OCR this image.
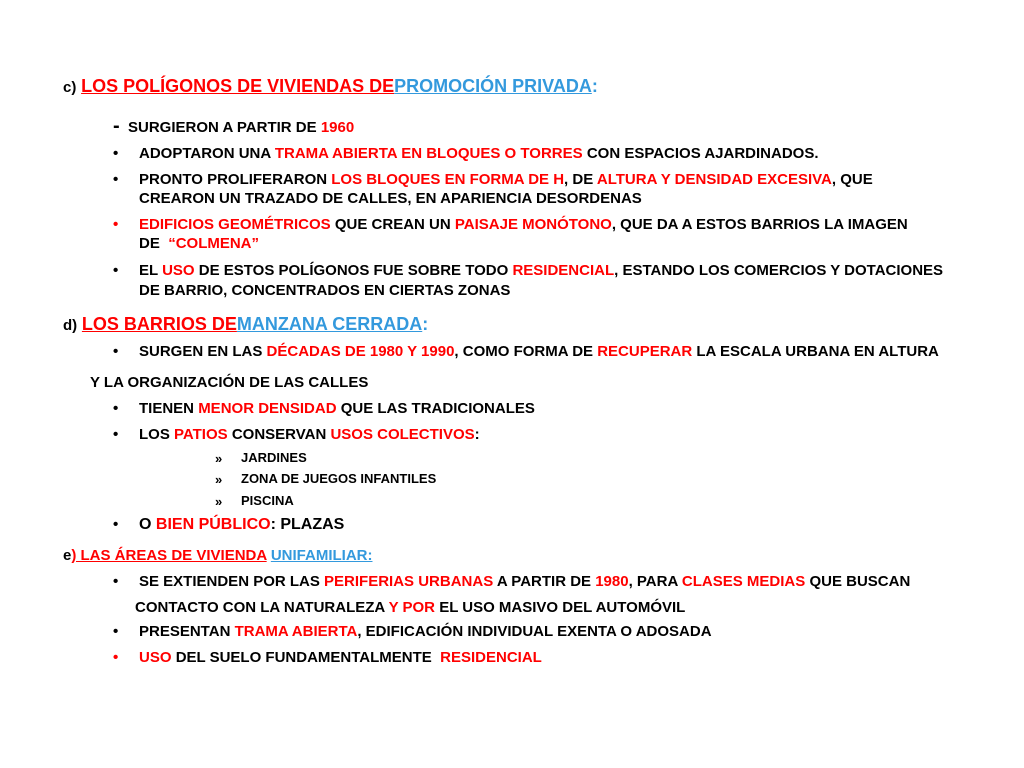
c) LOS POLÍGONOS DE VIVIENDAS DEPROMOCIÓN PRIVADA:
- SURGIERON A PARTIR DE 1960
• ADOPTARON UNA TRAMA ABIERTA EN BLOQUES O TORRES CON ESPACIOS AJARDINADOS.
• PRONTO PROLIFERARON LOS BLOQUES EN FORMA DE H, DE ALTURA Y DENSIDAD EXCESIVA, QUE
CREARON UN TRAZADO DE CALLES, EN APARIENCIA DESORDENAS
• EDIFICIOS GEOMÉTRICOS QUE CREAN UN PAISAJE MONÓTONO, QUE DA A ESTOS BARRIOS LA IMAGEN
DE “COLMENA”
• EL USO DE ESTOS POLÍGONOS FUE SOBRE TODO RESIDENCIAL, ESTANDO LOS COMERCIOS Y DOTACIONES
DE BARRIO, CONCENTRADOS EN CIERTAS ZONAS
d) LOS BARRIOS DEMANZANA CERRADA:
• SURGEN EN LAS DÉCADAS DE 1980 Y 1990, COMO FORMA DE RECUPERAR LA ESCALA URBANA EN ALTURA
Y LA ORGANIZACIÓN DE LAS CALLES
• TIENEN MENOR DENSIDAD QUE LAS TRADICIONALES
• LOS PATIOS CONSERVAN USOS COLECTIVOS:
» JARDINES
» ZONA DE JUEGOS INFANTILES
» PISCINA
• O BIEN PÚBLICO: PLAZAS
e) LAS ÁREAS DE VIVIENDA UNIFAMILIAR:
• SE EXTIENDEN POR LAS PERIFERIAS URBANAS A PARTIR DE 1980, PARA CLASES MEDIAS QUE BUSCAN
CONTACTO CON LA NATURALEZA Y POR EL USO MASIVO DEL AUTOMÓVIL
• PRESENTAN TRAMA ABIERTA, EDIFICACIÓN INDIVIDUAL EXENTA O ADOSADA
• USO DEL SUELO FUNDAMENTALMENTE RESIDENCIAL
